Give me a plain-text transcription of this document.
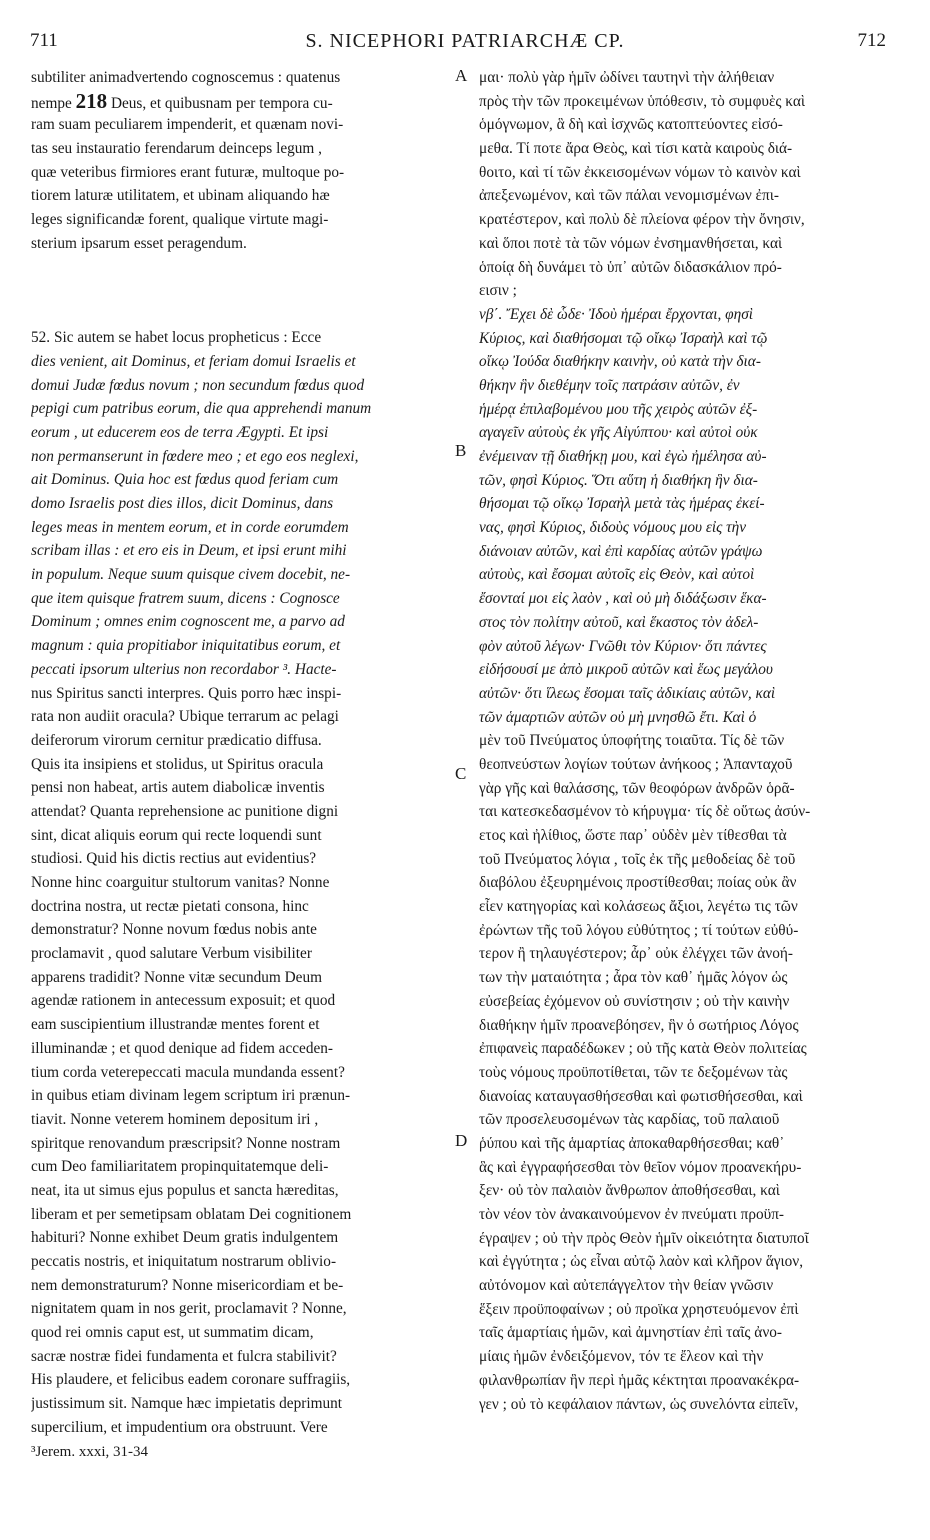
711	S. NICEPHORI PATRIARCHÆ CP.	712
subtiliter animadvertendo cognoscemus : quatenus
nempe 218 Deus, et quibusnam per tempora cu-
ram suam peculiarem impenderit, et quænam novi-
tas seu instauratio ferendarum deinceps legum ,
quæ veteribus firmiores erant futuræ, multoque po-
tiorem laturæ utilitatem, et ubinam aliquando hæ
leges significandæ forent, qualique virtute magi-
sterium ipsarum esset peragendum.
52. Sic autem se habet locus propheticus : Ecce
dies venient, ait Dominus, et feriam domui Israelis et
domui Judæ fœdus novum ; non secundum fœdus quod
pepigi cum patribus eorum, die qua apprehendi manum
eorum , ut educerem eos de terra Ægypti. Et ipsi
non permanserunt in fœdere meo ; et ego eos neglexi,
ait Dominus. Quia hoc est fœdus quod feriam cum
domo Israelis post dies illos, dicit Dominus, dans
leges meas in mentem eorum, et in corde eorumdem
scribam illas : et ero eis in Deum, et ipsi erunt mihi
in populum. Neque suum quisque civem docebit, ne-
que item quisque fratrem suum, dicens : Cognosce
Dominum ; omnes enim cognoscent me, a parvo ad
magnum : quia propitiabor iniquitatibus eorum, et
peccati ipsorum ulterius non recordabor ³. Hacte-
nus Spiritus sancti interpres. Quis porro hæc inspi-
rata non audiit oracula? Ubique terrarum ac pelagi
deiferorum virorum cernitur prædicatio diffusa.
Quis ita insipiens et stolidus, ut Spiritus oracula
pensi non habeat, artis autem diabolicæ inventis
attendat? Quanta reprehensione ac punitione digni
sint, dicat aliquis eorum qui recte loquendi sunt
studiosi. Quid his dictis rectius aut evidentius?
Nonne hinc coarguitur stultorum vanitas? Nonne
doctrina nostra, ut rectæ pietati consona, hinc
demonstratur? Nonne novum fœdus nobis ante
proclamavit , quod salutare Verbum visibiliter
apparens tradidit? Nonne vitæ secundum Deum
agendæ rationem in antecessum exposuit; et quod
eam suscipientium illustrandæ mentes forent et
illuminandæ ; et quod denique ad fidem acceden-
tium corda veterepeccati macula mundanda essent?
in quibus etiam divinam legem scriptum iri prænun-
tiavit. Nonne veterem hominem depositum iri ,
spiritque renovandum præscripsit? Nonne nostram
cum Deo familiaritatem propinquitatemque deli-
neat, ita ut simus ejus populus et sancta hæreditas,
liberam et per semetipsam oblatam Dei cognitionem
habituri? Nonne exhibet Deum gratis indulgentem
peccatis nostris, et iniquitatum nostrarum oblivio-
nem demonstraturum? Nonne misericordiam et be-
nignitatem quam in nos gerit, proclamavit ? Nonne,
quod rei omnis caput est, ut summatim dicam,
sacræ nostræ fidei fundamenta et fulcra stabilivit?
His plaudere, et felicibus eadem coronare suffragiis,
justissimum sit. Namque hæc impietatis deprimunt
supercilium, et impudentium ora obstruunt. Vere
μαι· πολὺ γὰρ ἡμῖν ὠδίνει ταυτηνὶ τὴν ἀλήθειαν
πρὸς τὴν τῶν προκειμένων ὑπόθεσιν, τὸ συμφυὲς καὶ
ὁμόγνωμον, ἃ δὴ καὶ ἰσχνῶς κατοπτεύοντες εἰσό-
μεθα. Τί ποτε ἄρα Θεὸς, καὶ τίσι κατὰ καιροὺς διά-
θοιτο, καὶ τί τῶν ἐκκεισομένων νόμων τὸ καινὸν καὶ
ἀπεξενωμένον, καὶ τῶν πάλαι νενομισμένων ἐπι-
κρατέστερον, καὶ πολὺ δὲ πλείονα φέρον τὴν ὄνησιν,
καὶ ὅποι ποτὲ τὰ τῶν νόμων ἐνσημανθήσεται, καὶ
ὁποίᾳ δὴ δυνάμει τὸ ὑπ᾽ αὐτῶν διδασκάλιον πρό-
εισιν ;
νβ΄. Ἔχει δὲ ὧδε· Ἰδοὺ ἡμέραι ἔρχονται, φησὶ
Κύριος, καὶ διαθήσομαι τῷ οἴκῳ Ἰσραὴλ καὶ τῷ
οἴκῳ Ἰούδα διαθήκην καινὴν, οὐ κατὰ τὴν δια-
θήκην ἣν διεθέμην τοῖς πατράσιν αὐτῶν, ἐν
ἡμέρᾳ ἐπιλαβομένου μου τῆς χειρὸς αὐτῶν ἐξ-
αγαγεῖν αὐτοὺς ἐκ γῆς Αἰγύπτου· καὶ αὐτοὶ οὐκ
ἐνέμειναν τῇ διαθήκῃ μου, καὶ ἐγὼ ἠμέλησα αὐ-
τῶν, φησὶ Κύριος. Ὅτι αὕτη ἡ διαθήκη ἣν δια-
θήσομαι τῷ οἴκῳ Ἰσραὴλ μετὰ τὰς ἡμέρας ἐκεί-
νας, φησὶ Κύριος, διδοὺς νόμους μου εἰς τὴν
διάνοιαν αὐτῶν, καὶ ἐπὶ καρδίας αὐτῶν γράψω
αὐτοὺς, καὶ ἔσομαι αὐτοῖς εἰς Θεὸν, καὶ αὐτοὶ
ἔσονταί μοι εἰς λαὸν , καὶ οὐ μὴ διδάξωσιν ἕκα-
στος τὸν πολίτην αὐτοῦ, καὶ ἕκαστος τὸν ἀδελ-
φὸν αὐτοῦ λέγων· Γνῶθι τὸν Κύριον· ὅτι πάντες
εἰδήσουσί με ἀπὸ μικροῦ αὐτῶν καὶ ἕως μεγάλου
αὐτῶν· ὅτι ἵλεως ἔσομαι ταῖς ἀδικίαις αὐτῶν, καὶ
τῶν ἁμαρτιῶν αὐτῶν οὐ μὴ μνησθῶ ἔτι. Καὶ ὁ
μὲν τοῦ Πνεύματος ὑποφήτης τοιαῦτα. Τίς δὲ τῶν
θεοπνεύστων λογίων τούτων ἀνήκοος ; Ἁπανταχοῦ
γὰρ γῆς καὶ θαλάσσης, τῶν θεοφόρων ἀνδρῶν ὁρᾶ-
ται κατεσκεδασμένον τὸ κήρυγμα· τίς δὲ οὕτως ἀσύν-
ετος καὶ ἠλίθιος, ὥστε παρ᾽ οὐδὲν μὲν τίθεσθαι τὰ
τοῦ Πνεύματος λόγια , τοῖς ἐκ τῆς μεθοδείας δὲ τοῦ
διαβόλου ἐξευρημένοις προστίθεσθαι; ποίας οὐκ ἂν
εἶεν κατηγορίας καὶ κολάσεως ἄξιοι, λεγέτω τις τῶν
ἐρώντων τῆς τοῦ λόγου εὐθύτητος ; τί τούτων εὐθύ-
τερον ἢ τηλαυγέστερον; ἆρ᾽ οὐκ ἐλέγχει τῶν ἀνοή-
των τὴν ματαιότητα ; ἆρα τὸν καθ᾽ ἡμᾶς λόγον ὡς
εὐσεβείας ἐχόμενον οὐ συνίστησιν ; οὐ τὴν καινὴν
διαθήκην ἡμῖν προανεβόησεν, ἣν ὁ σωτήριος Λόγος
ἐπιφανεὶς παραδέδωκεν ; οὐ τῆς κατὰ Θεὸν πολιτείας
τοὺς νόμους προϋποτίθεται, τῶν τε δεξομένων τὰς
διανοίας καταυγασθήσεσθαι καὶ φωτισθήσεσθαι, καὶ
τῶν προσελευσομένων τὰς καρδίας, τοῦ παλαιοῦ
ῥύπου καὶ τῆς ἁμαρτίας ἀποκαθαρθήσεσθαι; καθ᾽
ἃς καὶ ἐγγραφήσεσθαι τὸν θεῖον νόμον προανεκήρυ-
ξεν· οὐ τὸν παλαιὸν ἄνθρωπον ἀποθήσεσθαι, καὶ
τὸν νέον τὸν ἀνακαινούμενον ἐν πνεύματι προϋπ-
έγραψεν ; οὐ τὴν πρὸς Θεὸν ἡμῖν οἰκειότητα διατυποῖ
καὶ ἐγγύτητα ; ὡς εἶναι αὐτῷ λαὸν καὶ κλῆρον ἅγιον,
αὐτόνομον καὶ αὐτεπάγγελτον τὴν θείαν γνῶσιν
ἕξειν προϋποφαίνων ; οὐ προϊκα χρηστευόμενον ἐπὶ
ταῖς ἁμαρτίαις ἡμῶν, καὶ ἀμνηστίαν ἐπὶ ταῖς ἀνο-
μίαις ἡμῶν ἐνδειξόμενον, τόν τε ἔλεον καὶ τὴν
φιλανθρωπίαν ἣν περὶ ἡμᾶς κέκτηται προανακέκρα-
γεν ; οὐ τὸ κεφάλαιον πάντων, ὡς συνελόντα εἰπεῖν,
A
B
C
D
³Jerem. xxxi, 31-34
